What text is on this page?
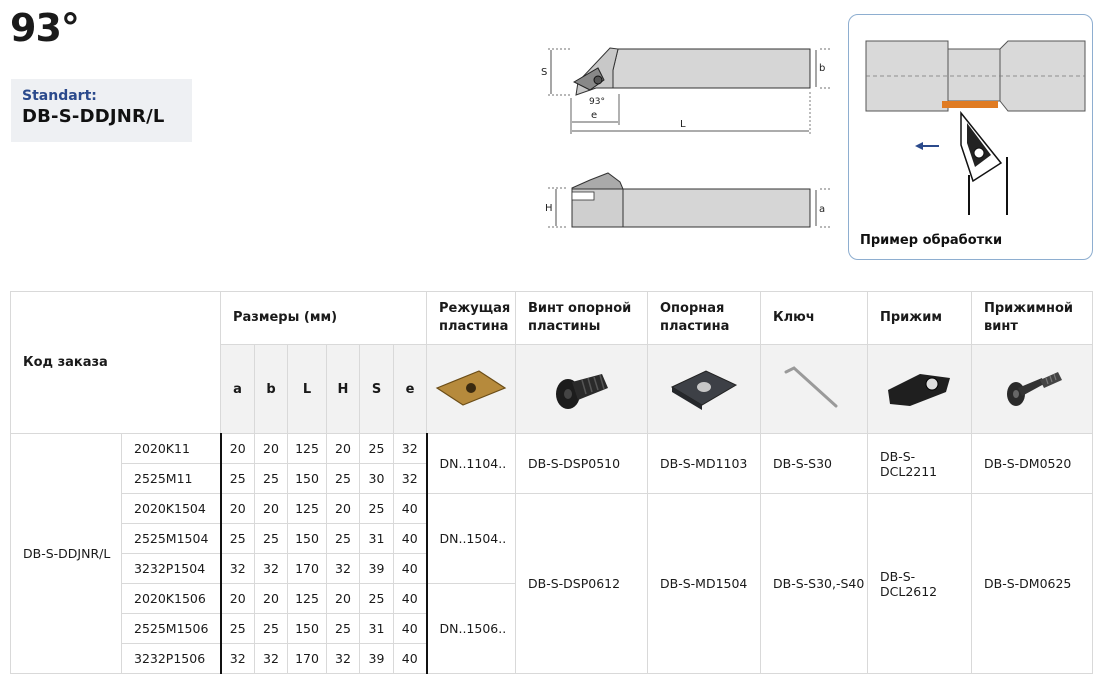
93°
Standart:
DB-S-DDJNR/L
S	b
93°
e
L
H	a
Пример обработки
Код заказа		Размеры (мм)						Режущая пластина	Винт опорной пластины	Опорная пластина	Ключ	Прижим	Прижимной винт
		a	b	L	H	S	e						
DB-S-DDJNR/L	2020K11	20	20	125	20	25	32	DN..1104..	DB-S-DSP0510	DB-S-MD1103	DB-S-S30	DB-S-DCL2211	DB-S-DM0520
	2525M11	25	25	150	25	30	32						
	2020K1504	20	20	125	20	25	40	DN..1504..	DB-S-DSP0612	DB-S-MD1504	DB-S-S30,-S40	DB-S-DCL2612	DB-S-DM0625
	2525M1504	25	25	150	25	31	40						
	3232P1504	32	32	170	32	39	40						
	2020K1506	20	20	125	20	25	40	DN..1506..					
	2525M1506	25	25	150	25	31	40						
	3232P1506	32	32	170	32	39	40						
